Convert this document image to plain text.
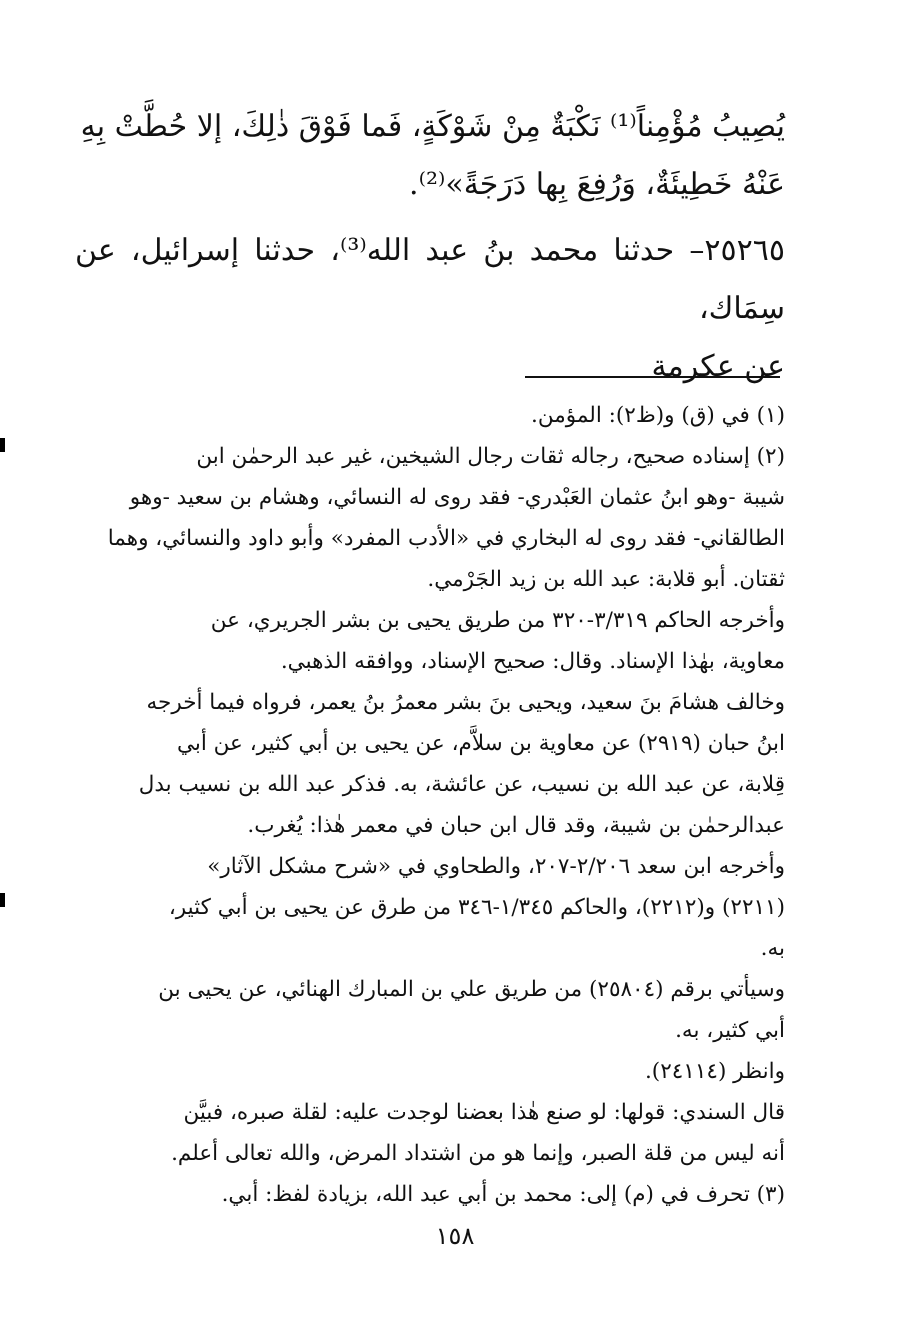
يُصِيبُ مُؤْمِناً⁽¹⁾ نَكْبَةٌ مِنْ شَوْكَةٍ، فَما فَوْقَ ذٰلِكَ، إلا حُطَّتْ بِهِ
عَنْهُ خَطِيئَةٌ، وَرُفِعَ بِها دَرَجَةً»⁽²⁾.
٢٥٢٦٥– حدثنا محمد بنُ عبد الله⁽³⁾، حدثنا إسرائيل، عن سِمَاك،
عن عكرمة

(١) في (ق) و(ظ٢): المؤمن.

(٢) إسناده صحيح، رجاله ثقات رجال الشيخين، غير عبد الرحمٰن ابن

شيبة -وهو ابنُ عثمان العَبْدري- فقد روى له النسائي، وهشام بن سعيد -وهو

الطالقاني- فقد روى له البخاري في «الأدب المفرد» وأبو داود والنسائي، وهما

ثقتان. أبو قلابة: عبد الله بن زيد الجَرْمي.

وأخرجه الحاكم ٣/٣١٩-٣٢٠ من طريق يحيى بن بشر الجريري، عن

معاوية، بهٰذا الإسناد. وقال: صحيح الإسناد، ووافقه الذهبي.

وخالف هشامَ بنَ سعيد، ويحيى بنَ بشر معمرُ بنُ يعمر، فرواه فيما أخرجه

ابنُ حبان (٢٩١٩) عن معاوية بن سلاَّم، عن يحيى بن أبي كثير، عن أبي

قِلابة، عن عبد الله بن نسيب، عن عائشة، به. فذكر عبد الله بن نسيب بدل

عبدالرحمٰن بن شيبة، وقد قال ابن حبان في معمر هٰذا: يُغرب.

وأخرجه ابن سعد ٢/٢٠٦-٢٠٧، والطحاوي في «شرح مشكل الآثار»

(٢٢١١) و(٢٢١٢)، والحاكم ١/٣٤٥-٣٤٦ من طرق عن يحيى بن أبي كثير،

به.

وسيأتي برقم (٢٥٨٠٤) من طريق علي بن المبارك الهنائي، عن يحيى بن

أبي كثير، به.

وانظر (٢٤١١٤).

قال السندي: قولها: لو صنع هٰذا بعضنا لوجدت عليه: لقلة صبره، فبيَّن

أنه ليس من قلة الصبر، وإنما هو من اشتداد المرض، والله تعالى أعلم.

(٣) تحرف في (م) إلى: محمد بن أبي عبد الله، بزيادة لفظ: أبي.

١٥٨
